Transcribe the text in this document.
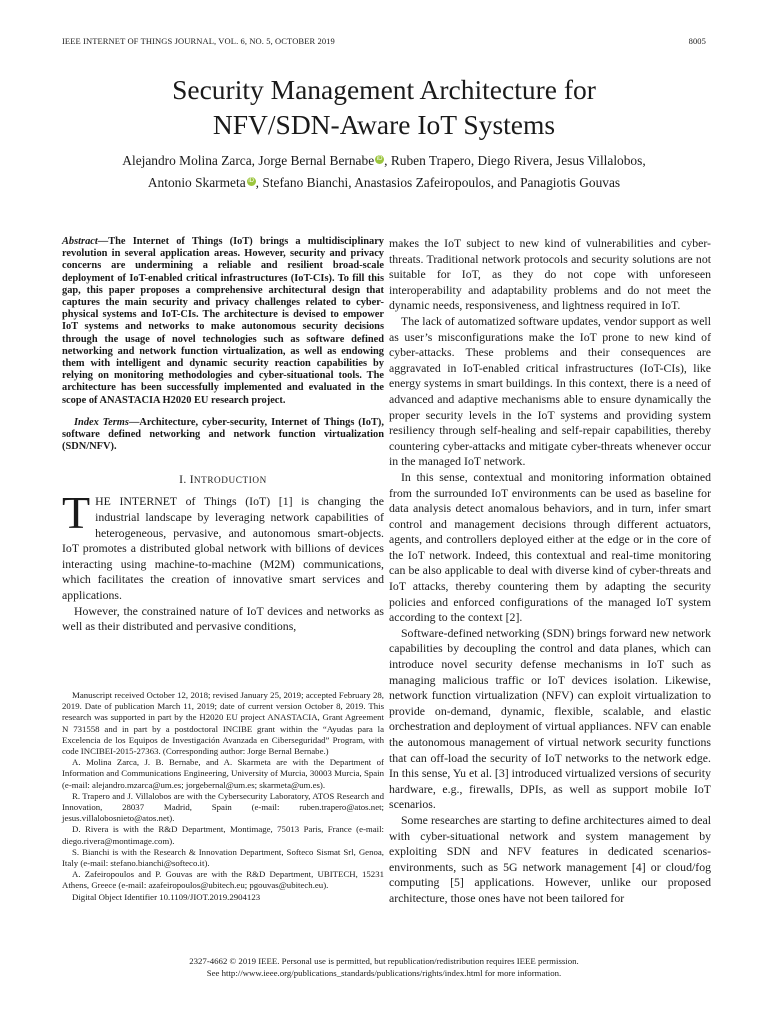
IEEE INTERNET OF THINGS JOURNAL, VOL. 6, NO. 5, OCTOBER 2019	8005
Security Management Architecture for
NFV/SDN-Aware IoT Systems
Alejandro Molina Zarca, Jorge Bernal Bernabe iD , Ruben Trapero, Diego Rivera, Jesus Villalobos,
Antonio Skarmeta iD , Stefano Bianchi, Anastasios Zafeiropoulos, and Panagiotis Gouvas

Abstract—The Internet of Things (IoT) brings a multidisciplinary revolution in several application areas. However, security and privacy concerns are undermining a reliable and resilient broad-scale deployment of IoT-enabled critical infrastructures (IoT-CIs). To fill this gap, this paper proposes a comprehensive architectural design that captures the main security and privacy challenges related to cyber-physical systems and IoT-CIs. The architecture is devised to empower IoT systems and networks to make autonomous security decisions through the usage of novel technologies such as software defined networking and network function virtualization, as well as endowing them with intelligent and dynamic security reaction capabilities by relying on monitoring methodologies and cyber-situational tools. The architecture has been successfully implemented and evaluated in the scope of ANASTACIA H2020 EU research project.

Index Terms—Architecture, cyber-security, Internet of Things (IoT), software defined networking and network function virtualization (SDN/NFV).

I. INTRODUCTION

THE INTERNET of Things (IoT) [1] is changing the industrial landscape by leveraging network capabilities of heterogeneous, pervasive, and autonomous smart-objects. IoT promotes a distributed global network with billions of devices interacting using machine-to-machine (M2M) communications, which facilitates the creation of innovative smart services and applications.

However, the constrained nature of IoT devices and networks as well as their distributed and pervasive conditions,

Manuscript received October 12, 2018; revised January 25, 2019; accepted February 28, 2019. Date of publication March 11, 2019; date of current version October 8, 2019. This research was supported in part by the H2020 EU project ANASTACIA, Grant Agreement N 731558 and in part by a postdoctoral INCIBE grant within the “Ayudas para la Excelencia de los Equipos de Investigación Avanzada en Ciberseguridad” Program, with code INCIBEI-2015-27363. (Corresponding author: Jorge Bernal Bernabe.)

A. Molina Zarca, J. B. Bernabe, and A. Skarmeta are with the Department of Information and Communications Engineering, University of Murcia, 30003 Murcia, Spain (e-mail: alejandro.mzarca@um.es; jorgebernal@um.es; skarmeta@um.es).

R. Trapero and J. Villalobos are with the Cybersecurity Laboratory, ATOS Research and Innovation, 28037 Madrid, Spain (e-mail: ruben.trapero@atos.net; jesus.villalobosnieto@atos.net).

D. Rivera is with the R&D Department, Montimage, 75013 Paris, France (e-mail: diego.rivera@montimage.com).

S. Bianchi is with the Research & Innovation Department, Softeco Sismat Srl, Genoa, Italy (e-mail: stefano.bianchi@softeco.it).

A. Zafeiropoulos and P. Gouvas are with the R&D Department, UBITECH, 15231 Athens, Greece (e-mail: azafeiropoulos@ubitech.eu; pgouvas@ubitech.eu).

Digital Object Identifier 10.1109/JIOT.2019.2904123

makes the IoT subject to new kind of vulnerabilities and cyber-threats. Traditional network protocols and security solutions are not suitable for IoT, as they do not cope with unforeseen interoperability and adaptability problems and do not meet the dynamic needs, responsiveness, and lightness required in IoT.

The lack of automatized software updates, vendor support as well as user’s misconfigurations make the IoT prone to new kind of cyber-attacks. These problems and their consequences are aggravated in IoT-enabled critical infrastructures (IoT-CIs), like energy systems in smart buildings. In this context, there is a need of advanced and adaptive mechanisms able to ensure dynamically the proper security levels in the IoT systems and providing system resiliency through self-healing and self-repair capabilities, thereby countering cyber-attacks and mitigate cyber-threats whenever occur in the managed IoT network.

In this sense, contextual and monitoring information obtained from the surrounded IoT environments can be used as baseline for data analysis detect anomalous behaviors, and in turn, infer smart control and management decisions through different actuators, agents, and controllers deployed either at the edge or in the core of the IoT network. Indeed, this contextual and real-time monitoring can be also applicable to deal with diverse kind of cyber-threats and IoT attacks, thereby countering them by adapting the security policies and enforced configurations of the managed IoT system according to the context [2].

Software-defined networking (SDN) brings forward new network capabilities by decoupling the control and data planes, which can introduce novel security defense mechanisms in IoT such as managing malicious traffic or IoT devices isolation. Likewise, network function virtualization (NFV) can exploit virtualization to provide on-demand, dynamic, flexible, scalable, and elastic orchestration and deployment of virtual appliances. NFV can enable the autonomous management of virtual network security functions that can off-load the security of IoT networks to the network edge. In this sense, Yu et al. [3] introduced virtualized versions of security hardware, e.g., firewalls, DPIs, as well as support mobile IoT scenarios.

Some researches are starting to define architectures aimed to deal with cyber-situational network and system management by exploiting SDN and NFV features in dedicated scenarios-environments, such as 5G network management [4] or cloud/fog computing [5] applications. However, unlike our proposed architecture, those ones have not been tailored for

2327-4662 © 2019 IEEE. Personal use is permitted, but republication/redistribution requires IEEE permission.
See http://www.ieee.org/publications_standards/publications/rights/index.html for more information.
